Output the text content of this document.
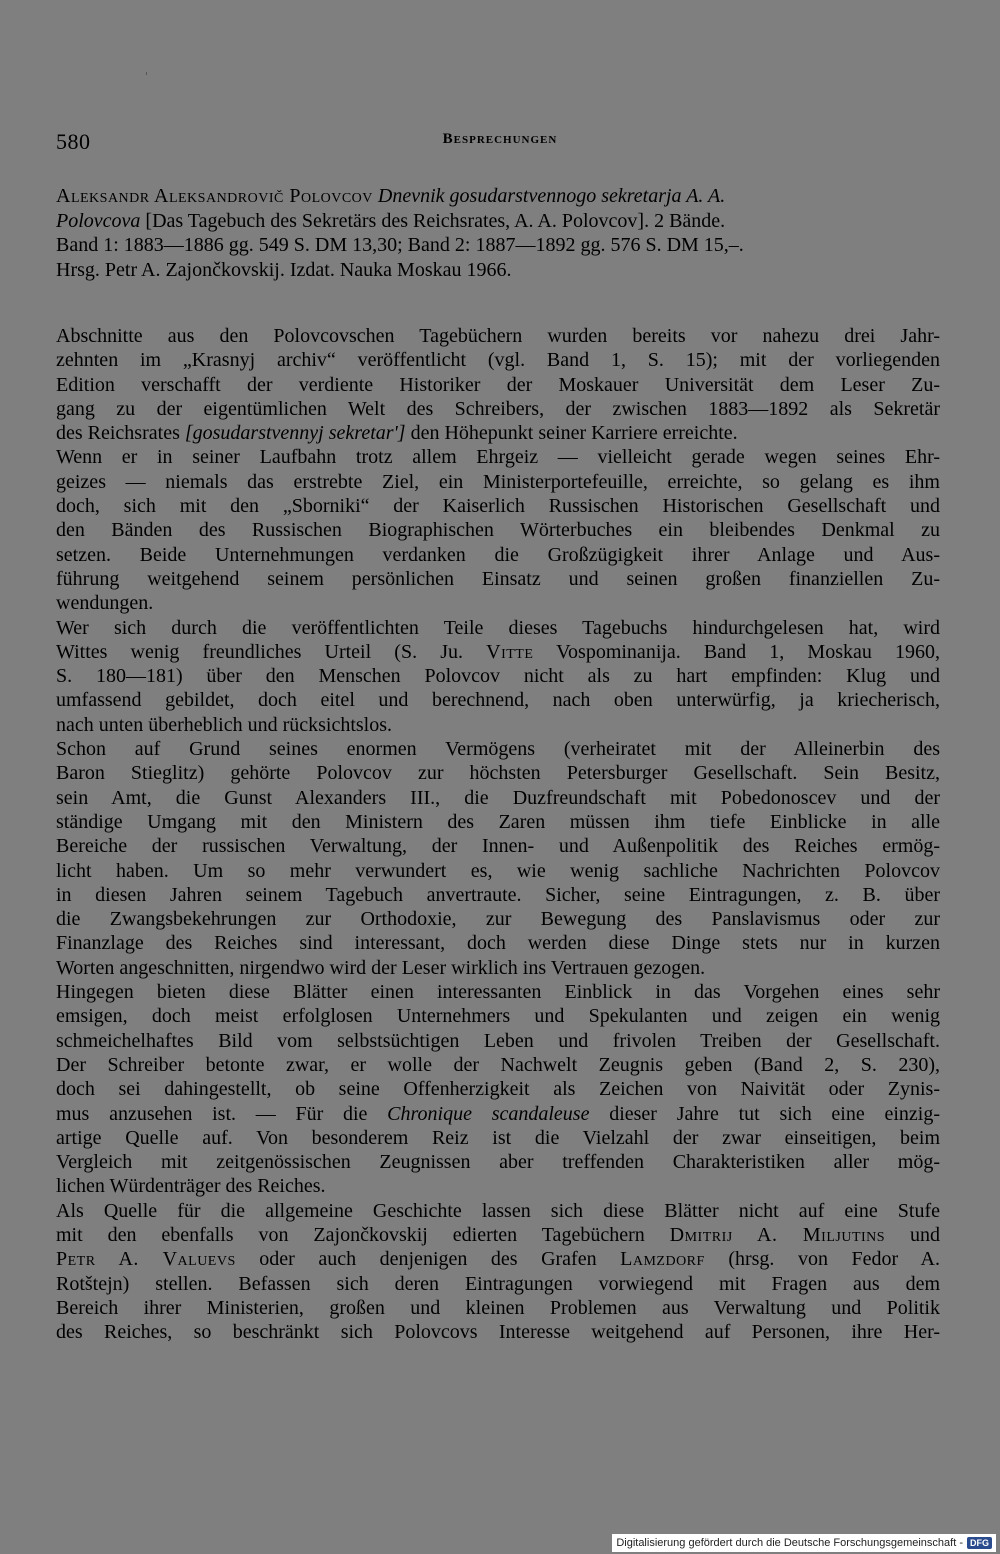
580	Besprechungen
Aleksandr Aleksandrovič Polovcov Dnevnik gosudarstvennogo sekretarja A. A.
Polovcova [Das Tagebuch des Sekretärs des Reichsrates, A. A. Polovcov]. 2 Bände.
Band 1: 1883—1886 gg. 549 S. DM 13,30; Band 2: 1887—1892 gg. 576 S. DM 15,–.
Hrsg. Petr A. Zajončkovskij. Izdat. Nauka Moskau 1966.
Abschnitte aus den Polovcovschen Tagebüchern wurden bereits vor nahezu drei Jahr-
zehnten im „Krasnyj archiv“ veröffentlicht (vgl. Band 1, S. 15); mit der vorliegenden
Edition verschafft der verdiente Historiker der Moskauer Universität dem Leser Zu-
gang zu der eigentümlichen Welt des Schreibers, der zwischen 1883—1892 als Sekretär
des Reichsrates [gosudarstvennyj sekretar'] den Höhepunkt seiner Karriere erreichte.
Wenn er in seiner Laufbahn trotz allem Ehrgeiz — vielleicht gerade wegen seines Ehr-
geizes — niemals das erstrebte Ziel, ein Ministerportefeuille, erreichte, so gelang es ihm
doch, sich mit den „Sborniki“ der Kaiserlich Russischen Historischen Gesellschaft und
den Bänden des Russischen Biographischen Wörterbuches ein bleibendes Denkmal zu
setzen. Beide Unternehmungen verdanken die Großzügigkeit ihrer Anlage und Aus-
führung weitgehend seinem persönlichen Einsatz und seinen großen finanziellen Zu-
wendungen.
Wer sich durch die veröffentlichten Teile dieses Tagebuchs hindurchgelesen hat, wird
Wittes wenig freundliches Urteil (S. Ju. Vitte Vospominanija. Band 1, Moskau 1960,
S. 180—181) über den Menschen Polovcov nicht als zu hart empfinden: Klug und
umfassend gebildet, doch eitel und berechnend, nach oben unterwürfig, ja kriecherisch,
nach unten überheblich und rücksichtslos.
Schon auf Grund seines enormen Vermögens (verheiratet mit der Alleinerbin des
Baron Stieglitz) gehörte Polovcov zur höchsten Petersburger Gesellschaft. Sein Besitz,
sein Amt, die Gunst Alexanders III., die Duzfreundschaft mit Pobedonoscev und der
ständige Umgang mit den Ministern des Zaren müssen ihm tiefe Einblicke in alle
Bereiche der russischen Verwaltung, der Innen- und Außenpolitik des Reiches ermög-
licht haben. Um so mehr verwundert es, wie wenig sachliche Nachrichten Polovcov
in diesen Jahren seinem Tagebuch anvertraute. Sicher, seine Eintragungen, z. B. über
die Zwangsbekehrungen zur Orthodoxie, zur Bewegung des Panslavismus oder zur
Finanzlage des Reiches sind interessant, doch werden diese Dinge stets nur in kurzen
Worten angeschnitten, nirgendwo wird der Leser wirklich ins Vertrauen gezogen.
Hingegen bieten diese Blätter einen interessanten Einblick in das Vorgehen eines sehr
emsigen, doch meist erfolglosen Unternehmers und Spekulanten und zeigen ein wenig
schmeichelhaftes Bild vom selbstsüchtigen Leben und frivolen Treiben der Gesellschaft.
Der Schreiber betonte zwar, er wolle der Nachwelt Zeugnis geben (Band 2, S. 230),
doch sei dahingestellt, ob seine Offenherzigkeit als Zeichen von Naivität oder Zynis-
mus anzusehen ist. — Für die Chronique scandaleuse dieser Jahre tut sich eine einzig-
artige Quelle auf. Von besonderem Reiz ist die Vielzahl der zwar einseitigen, beim
Vergleich mit zeitgenössischen Zeugnissen aber treffenden Charakteristiken aller mög-
lichen Würdenträger des Reiches.
Als Quelle für die allgemeine Geschichte lassen sich diese Blätter nicht auf eine Stufe
mit den ebenfalls von Zajončkovskij edierten Tagebüchern Dmitrij A. Miljutins und
Petr A. Valuevs oder auch denjenigen des Grafen Lamzdorf (hrsg. von Fedor A.
Rotštejn) stellen. Befassen sich deren Eintragungen vorwiegend mit Fragen aus dem
Bereich ihrer Ministerien, großen und kleinen Problemen aus Verwaltung und Politik
des Reiches, so beschränkt sich Polovcovs Interesse weitgehend auf Personen, ihre Her-
Digitalisierung gefördert durch die Deutsche Forschungsgemeinschaft - DFG
